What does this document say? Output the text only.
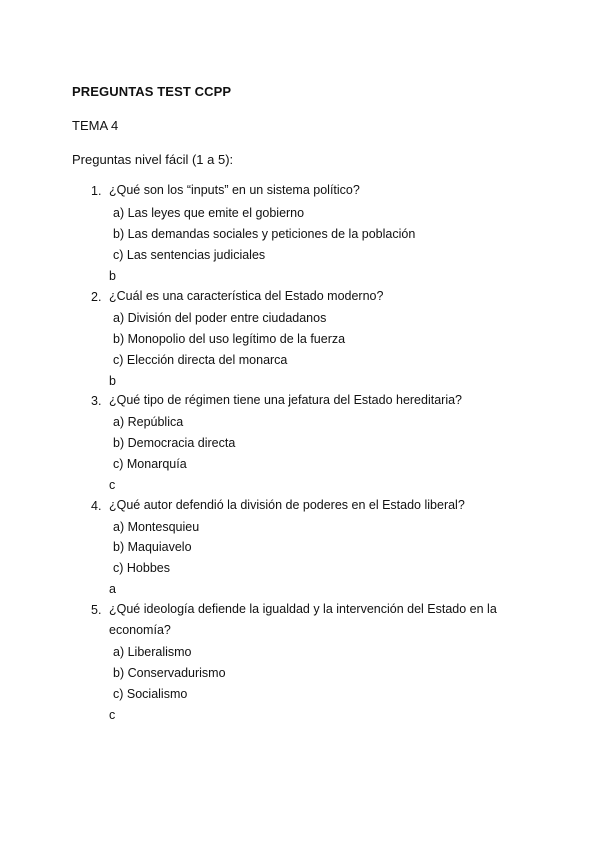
PREGUNTAS TEST CCPP
TEMA 4
Preguntas nivel fácil (1 a 5):
1. ¿Qué son los “inputs” en un sistema político?
a) Las leyes que emite el gobierno
b) Las demandas sociales y peticiones de la población
c) Las sentencias judiciales
b
2. ¿Cuál es una característica del Estado moderno?
a) División del poder entre ciudadanos
b) Monopolio del uso legítimo de la fuerza
c) Elección directa del monarca
b
3. ¿Qué tipo de régimen tiene una jefatura del Estado hereditaria?
a) República
b) Democracia directa
c) Monarquía
c
4. ¿Qué autor defendió la división de poderes en el Estado liberal?
a) Montesquieu
b) Maquiavelo
c) Hobbes
a
5. ¿Qué ideología defiende la igualdad y la intervención del Estado en la economía?
a) Liberalismo
b) Conservadurismo
c) Socialismo
c
